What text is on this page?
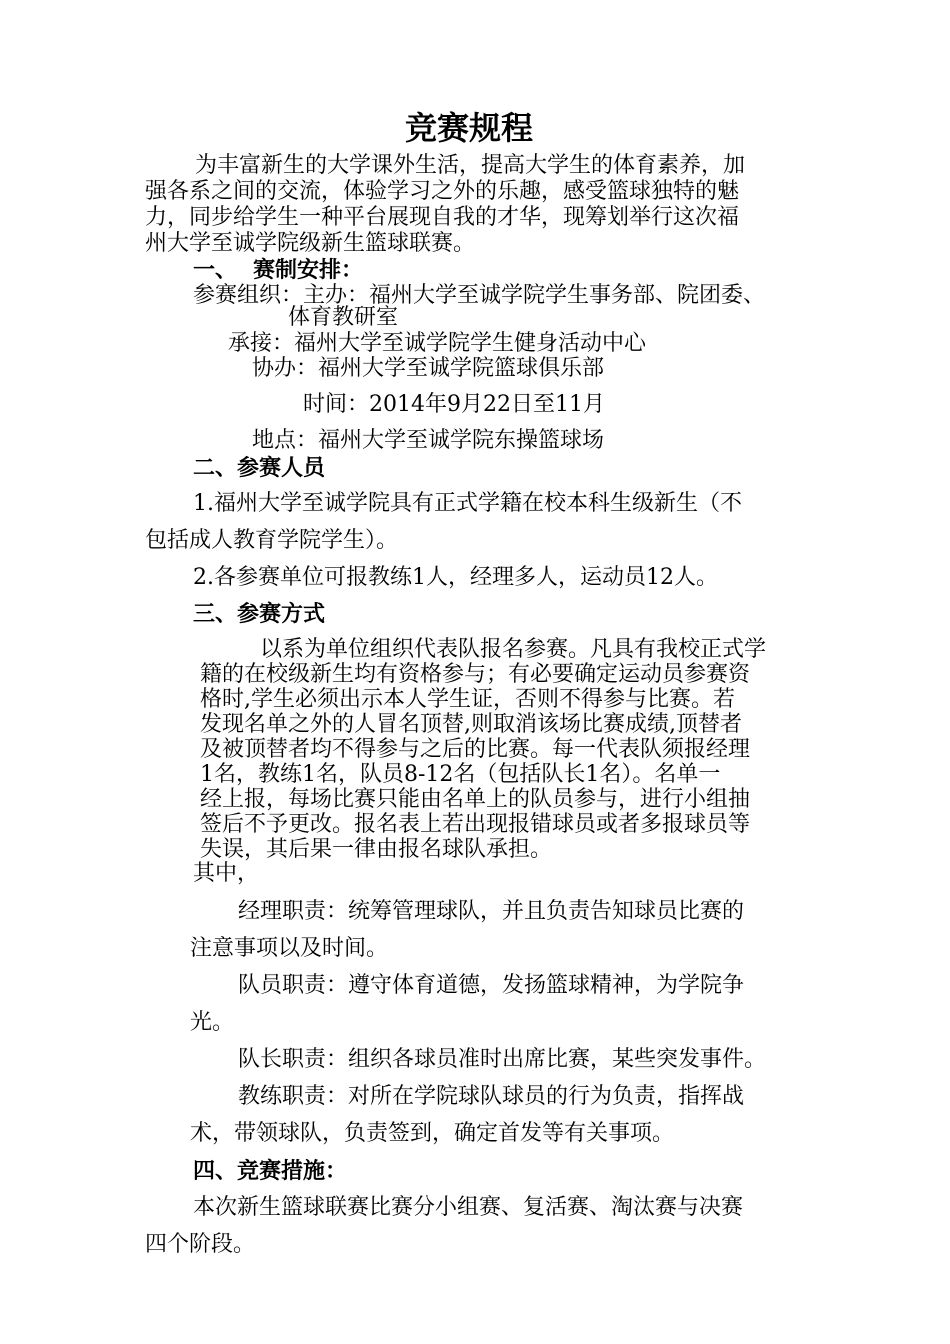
竞赛规程
为丰富新生的大学课外生活，提高大学生的体育素养，加
强各系之间的交流，体验学习之外的乐趣，感受篮球独特的魅
力，同步给学生一种平台展现自我的才华，现筹划举行这次福
州大学至诚学院级新生篮球联赛。
一、 赛制安排：
参赛组织：主办：福州大学至诚学院学生事务部、院团委、
体育教研室
承接：福州大学至诚学院学生健身活动中心
协办：福州大学至诚学院篮球俱乐部
时间：2014年9月22日至11月
地点：福州大学至诚学院东操篮球场
二、参赛人员
1.福州大学至诚学院具有正式学籍在校本科生级新生（不
包括成人教育学院学生）。
2.各参赛单位可报教练1人，经理多人，运动员12人。
三、参赛方式
以系为单位组织代表队报名参赛。凡具有我校正式学
籍的在校级新生均有资格参与；有必要确定运动员参赛资
格时,学生必须出示本人学生证，否则不得参与比赛。若
发现名单之外的人冒名顶替,则取消该场比赛成绩,顶替者
及被顶替者均不得参与之后的比赛。每一代表队须报经理
1名，教练1名，队员8-12名（包括队长1名）。名单一
经上报，每场比赛只能由名单上的队员参与，进行小组抽
签后不予更改。报名表上若出现报错球员或者多报球员等
失误，其后果一律由报名球队承担。
其中，
经理职责：统筹管理球队，并且负责告知球员比赛的
注意事项以及时间。
队员职责：遵守体育道德，发扬篮球精神，为学院争
光。
队长职责：组织各球员准时出席比赛，某些突发事件。
教练职责：对所在学院球队球员的行为负责，指挥战
术，带领球队，负责签到，确定首发等有关事项。
四、竞赛措施：
本次新生篮球联赛比赛分小组赛、复活赛、淘汰赛与决赛
四个阶段。
